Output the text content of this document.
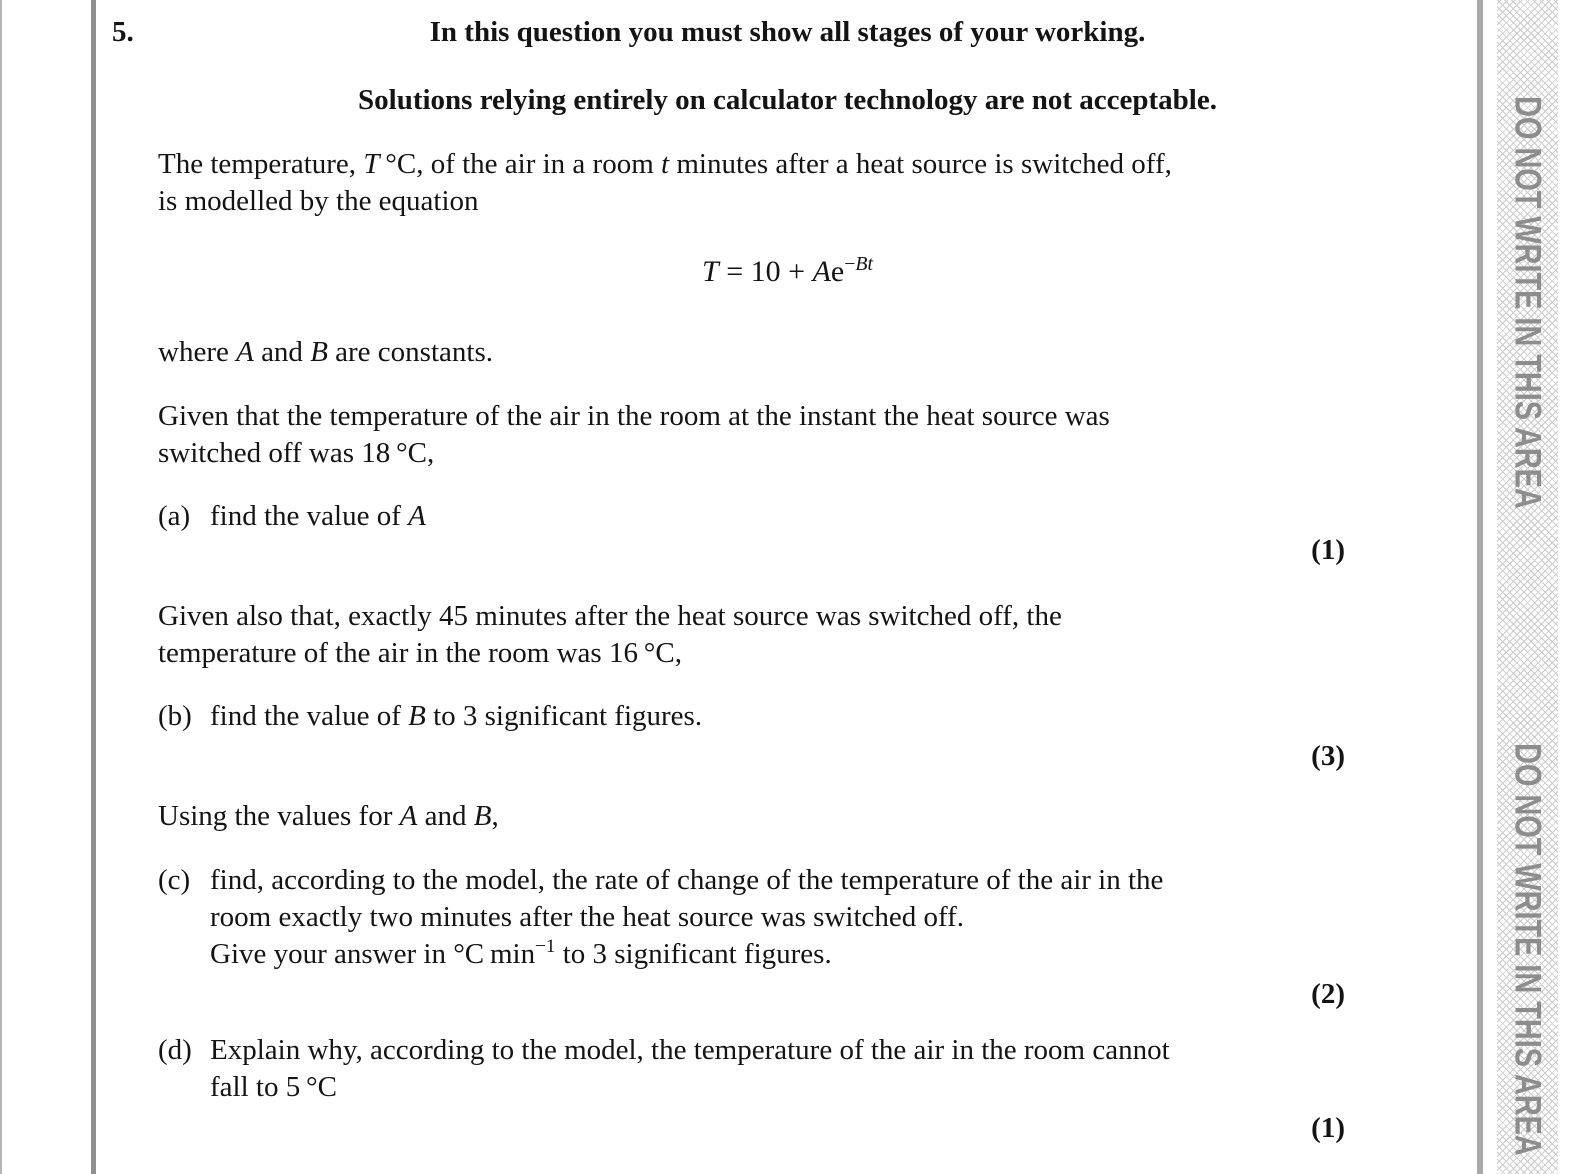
5.	In this question you must show all stages of your working.
Solutions relying entirely on calculator technology are not acceptable.
The temperature, T °C, of the air in a room t minutes after a heat source is switched off,
is modelled by the equation
$T = 10 + Ae^{-Bt}$
where A and B are constants.
Given that the temperature of the air in the room at the instant the heat source was
switched off was 18 °C,
(a) find the value of A
(1)
Given also that, exactly 45 minutes after the heat source was switched off, the
temperature of the air in the room was 16 °C,
(b) find the value of B to 3 significant figures.
(3)
Using the values for A and B,
(c) find, according to the model, the rate of change of the temperature of the air in the
room exactly two minutes after the heat source was switched off.
Give your answer in °C $\min^{-1}$ to 3 significant figures.
(2)
(d) Explain why, according to the model, the temperature of the air in the room cannot
fall to 5 °C
(1)
DO NOT WRITE IN THIS AREA
DO NOT WRITE IN THIS AREA
